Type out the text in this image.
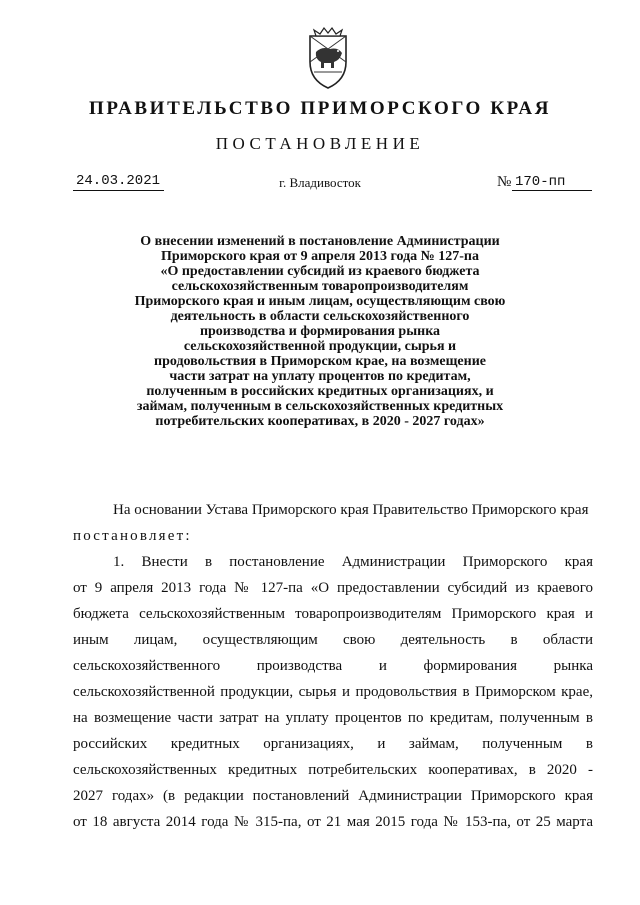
ПРАВИТЕЛЬСТВО ПРИМОРСКОГО КРАЯ
ПОСТАНОВЛЕНИЕ
24.03.2021	г. Владивосток	№ 170-пп
О внесении изменений в постановление Администрации
Приморского края от 9 апреля 2013 года № 127-па
«О предоставлении субсидий из краевого бюджета
сельскохозяйственным товаропроизводителям
Приморского края и иным лицам, осуществляющим свою
деятельность в области сельскохозяйственного
производства и формирования рынка
сельскохозяйственной продукции, сырья и
продовольствия в Приморском крае, на возмещение
части затрат на уплату процентов по кредитам,
полученным в российских кредитных организациях, и
займам, полученным в сельскохозяйственных кредитных
потребительских кооперативах, в 2020 - 2027 годах»
На основании Устава Приморского края Правительство Приморского края
постановляет:
1. Внести в постановление Администрации Приморского края
от 9 апреля 2013 года № 127-па «О предоставлении субсидий из краевого
бюджета сельскохозяйственным товаропроизводителям Приморского края и
иным лицам, осуществляющим свою деятельность в области
сельскохозяйственного производства и формирования рынка
сельскохозяйственной продукции, сырья и продовольствия в Приморском крае,
на возмещение части затрат на уплату процентов по кредитам, полученным в
российских кредитных организациях, и займам, полученным в
сельскохозяйственных кредитных потребительских кооперативах, в 2020 -
2027 годах» (в редакции постановлений Администрации Приморского края
от 18 августа 2014 года № 315-па, от 21 мая 2015 года № 153-па, от 25 марта
